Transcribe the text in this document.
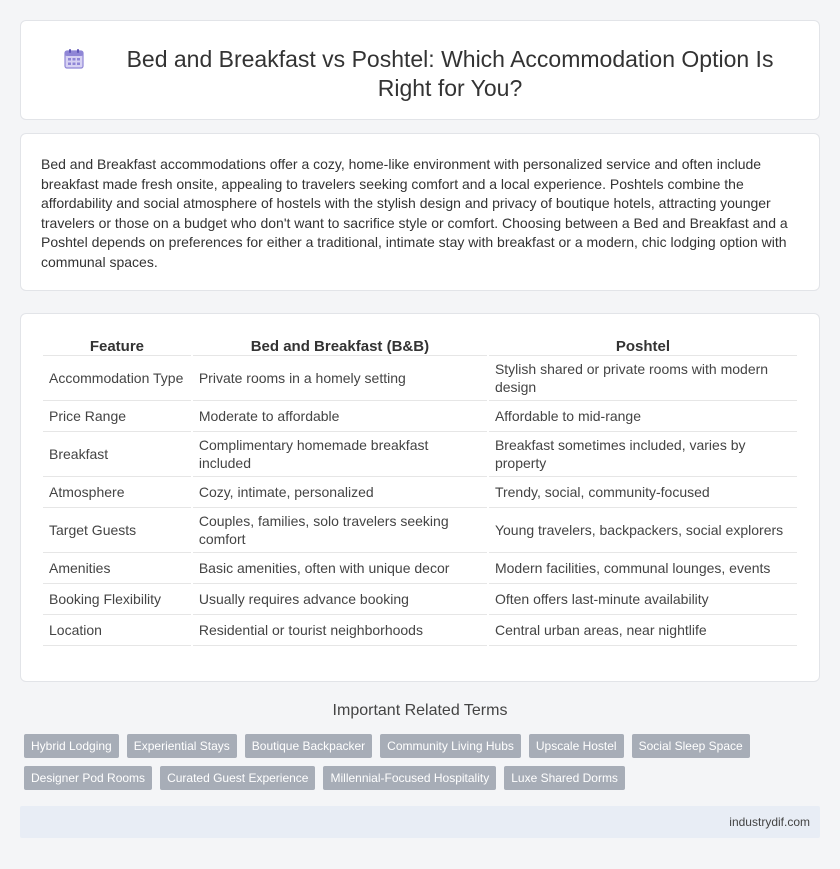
Bed and Breakfast vs Poshtel: Which Accommodation Option Is Right for You?

Bed and Breakfast accommodations offer a cozy, home-like environment with personalized service and often include breakfast made fresh onsite, appealing to travelers seeking comfort and a local experience. Poshtels combine the affordability and social atmosphere of hostels with the stylish design and privacy of boutique hotels, attracting younger travelers or those on a budget who don't want to sacrifice style or comfort. Choosing between a Bed and Breakfast and a Poshtel depends on preferences for either a traditional, intimate stay with breakfast or a modern, chic lodging option with communal spaces.

Feature	Bed and Breakfast (B&B)	Poshtel
Accommodation Type	Private rooms in a homely setting	Stylish shared or private rooms with modern design
Price Range	Moderate to affordable	Affordable to mid-range
Breakfast	Complimentary homemade breakfast included	Breakfast sometimes included, varies by property
Atmosphere	Cozy, intimate, personalized	Trendy, social, community-focused
Target Guests	Couples, families, solo travelers seeking comfort	Young travelers, backpackers, social explorers
Amenities	Basic amenities, often with unique decor	Modern facilities, communal lounges, events
Booking Flexibility	Usually requires advance booking	Often offers last-minute availability
Location	Residential or tourist neighborhoods	Central urban areas, near nightlife
Important Related Terms
Hybrid Lodging	Experiential Stays	Boutique Backpacker	Community Living Hubs	Upscale Hostel	Social Sleep Space
Designer Pod Rooms	Curated Guest Experience	Millennial-Focused Hospitality	Luxe Shared Dorms
industrydif.com
